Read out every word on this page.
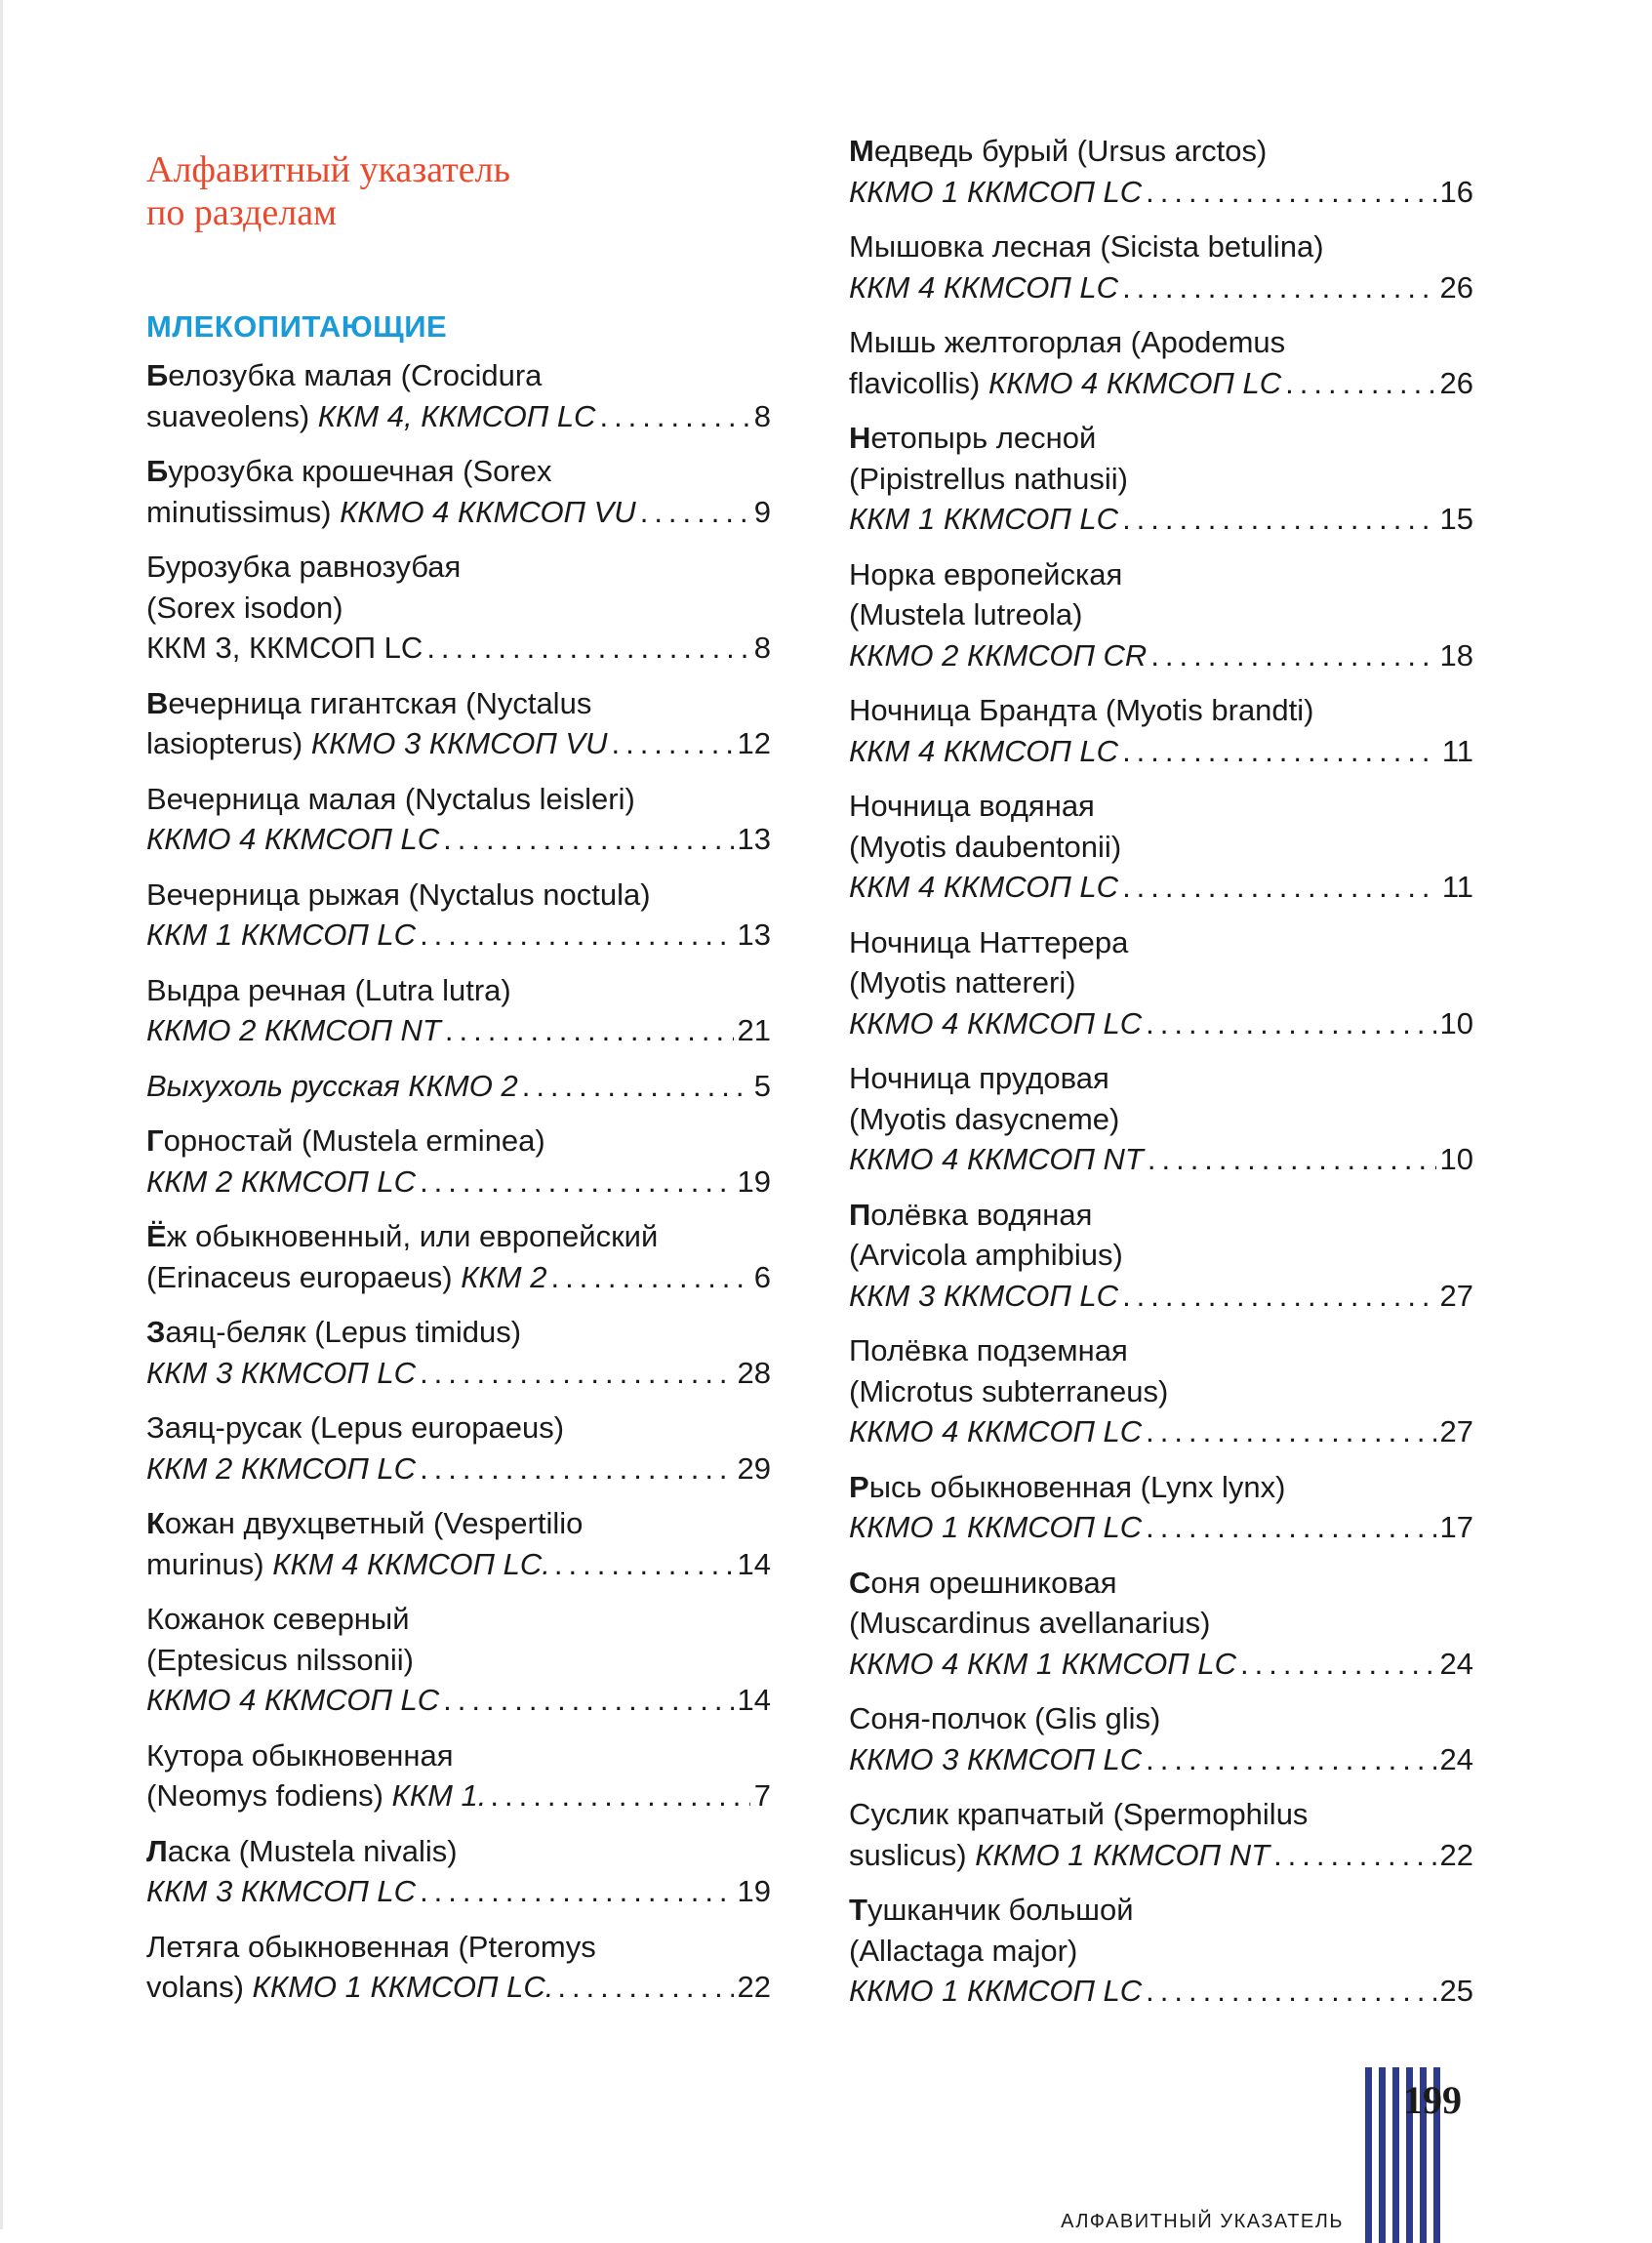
Алфавитный указатель
по разделам
МЛЕКОПИТАЮЩИЕ
Белозубка малая (Crocidura
suaveolens) ККМ 4, ККМСОП LC .....	8
Бурозубка крошечная (Sorex
minutissimus) ККМО 4 ККМСОП VU .....	9
Бурозубка равнозубая
(Sorex isodon)
ККМ 3, ККМСОП LC .....	8
Вечерница гигантская (Nyctalus
lasiopterus) ККМО 3 ККМСОП VU .....	12
Вечерница малая (Nyctalus leisleri)
ККМО 4 ККМСОП LC .....	13
Вечерница рыжая (Nyctalus noctula)
ККМ 1 ККМСОП LC .....	13
Выдра речная (Lutra lutra)
ККМО 2 ККМСОП NT .....	21
Выхухоль русская ККМО 2 .....	5
Горностай (Mustela erminea)
ККМ 2 ККМСОП LC .....	19
Ёж обыкновенный, или европейский
(Erinaceus europaeus) ККМ 2 .....	6
Заяц-беляк (Lepus timidus)
ККМ 3 ККМСОП LC .....	28
Заяц-русак (Lepus europaeus)
ККМ 2 ККМСОП LC .....	29
Кожан двухцветный (Vespertilio
murinus) ККМ 4 ККМСОП LC. .....	14
Кожанок северный
(Eptesicus nilssonii)
ККМО 4 ККМСОП LC .....	14
Кутора обыкновенная
(Neomys fodiens) ККМ 1. .....	7
Ласка (Mustela nivalis)
ККМ 3 ККМСОП LC .....	19
Летяга обыкновенная (Pteromys
volans) ККМО 1 ККМСОП LC. .....	22
Медведь бурый (Ursus arctos)
ККМО 1 ККМСОП LC .....	16
Мышовка лесная (Sicista betulina)
ККМ 4 ККМСОП LC .....	26
Мышь желтогорлая (Apodemus
flavicollis) ККМО 4 ККМСОП LC .....	26
Нетопырь лесной
(Pipistrellus nathusii)
ККМ 1 ККМСОП LC .....	15
Норка европейская
(Mustela lutreola)
ККМО 2 ККМСОП CR .....	18
Ночница Брандта (Myotis brandti)
ККМ 4 ККМСОП LC .....	11
Ночница водяная
(Myotis daubentonii)
ККМ 4 ККМСОП LC .....	11
Ночница Наттерера
(Myotis nattereri)
ККМО 4 ККМСОП LC .....	10
Ночница прудовая
(Myotis dasycneme)
ККМО 4 ККМСОП NT .....	10
Полёвка водяная
(Arvicola amphibius)
ККМ 3 ККМСОП LC .....	27
Полёвка подземная
(Microtus subterraneus)
ККМО 4 ККМСОП LC .....	27
Рысь обыкновенная (Lynx lynx)
ККМО 1 ККМСОП LC .....	17
Соня орешниковая
(Muscardinus avellanarius)
ККМО 4 ККМ 1 ККМСОП LC .....	24
Соня-полчок (Glis glis)
ККМО 3 ККМСОП LC .....	24
Суслик крапчатый (Spermophilus
suslicus) ККМО 1 ККМСОП NT .....	22
Тушканчик большой
(Allactaga major)
ККМО 1 ККМСОП LC .....	25
АЛФАВИТНЫЙ УКАЗАТЕЛЬ
199
